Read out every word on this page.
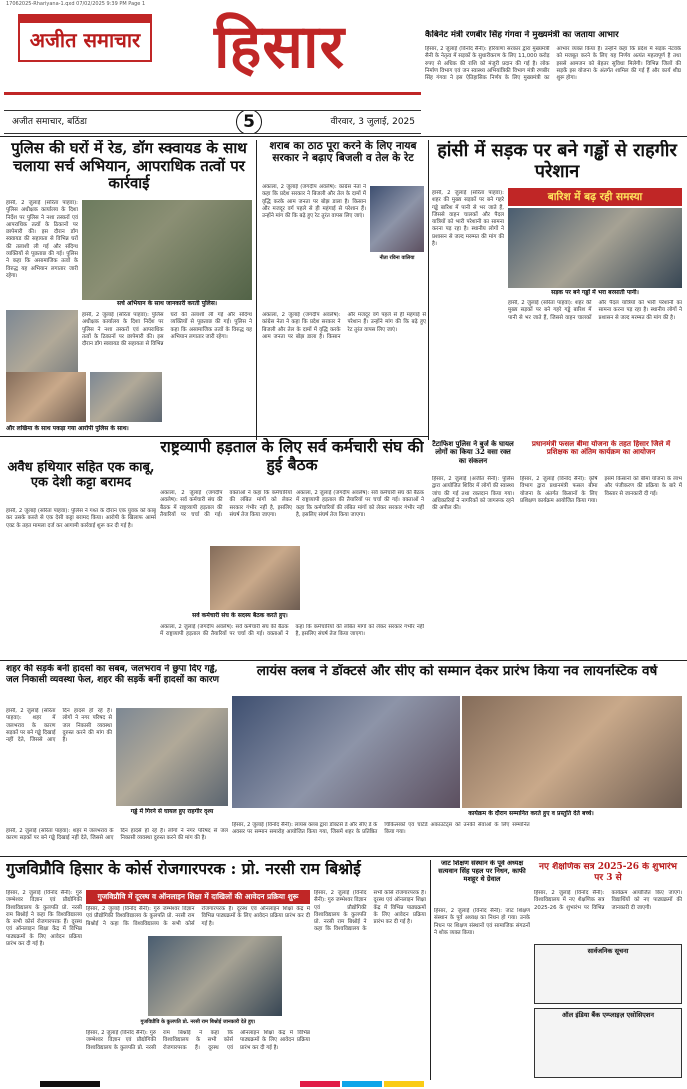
17062025-Rhariyana-1.qxd 07/02/2025 9:39 PM Page 1
अजीत समाचार हिसार
अजीत समाचार, बठिंडा	5	वीरवार, 3 जुलाई, 2025
कैबिनेट मंत्री रणबीर सिंह गंगवा ने मुख्यमंत्री का जताया आभार
हिसार, 2 जुलाई (विनोद सैनी): हरियाणा सरकार द्वारा मुख्यमंत्री सैनी के नेतृत्व में सड़कों के सुधारीकरण के लिए 11,000 करोड़ रुपए से अधिक की राशि को मंजूरी प्रदान की गई है। लोक निर्माण विभाग एवं जन स्वास्थ्य अभियांत्रिकी विभाग मंत्री रणबीर सिंह गंगवा ने इस ऐतिहासिक निर्णय के लिए मुख्यमंत्री का आभार व्यक्त किया है। उन्होंने कहा कि प्रदेश में सड़क नेटवर्क को मजबूत करने के लिए यह निर्णय अत्यंत महत्वपूर्ण है तथा इससे आमजन को बेहतर सुविधा मिलेगी। विभिन्न जिलों की सड़कें इस योजना के अंतर्गत शामिल की गई हैं और कार्य शीघ्र शुरू होगा।
पुलिस की घरों में रेड, डॉग स्क्वायड के साथ चलाया सर्च अभियान, आपराधिक तत्वों पर कार्रवाई
हांसी, 2 जुलाई (सरिता पाहवा): पुलिस अधीक्षक कार्यालय के दिशा निर्देश पर पुलिस ने नशा तस्करों एवं आपराधिक तत्वों के ठिकानों पर छापेमारी की। इस दौरान डॉग स्क्वायड की सहायता से विभिन्न घरों की तलाशी ली गई और संदिग्ध व्यक्तियों से पूछताछ की गई। पुलिस ने कहा कि असामाजिक तत्वों के विरुद्ध यह अभियान लगातार जारी रहेगा।
सर्च अभियान के साथ जानकारी करती पुलिस।
हांसी, 2 जुलाई (सरिता पाहवा): पुलिस अधीक्षक कार्यालय के दिशा निर्देश पर पुलिस ने नशा तस्करों एवं आपराधिक तत्वों के ठिकानों पर छापेमारी की। इस दौरान डॉग स्क्वायड की सहायता से विभिन्न घरों की तलाशी ली गई और संदिग्ध व्यक्तियों से पूछताछ की गई। पुलिस ने कहा कि असामाजिक तत्वों के विरुद्ध यह अभियान लगातार जारी रहेगा।
और लखिमा के साथ पकड़ा गया आरोपी पुलिस के साथ।
शराब का ठाठ पूरा करने के लिए नायब सरकार ने बढ़ाए बिजली व तेल के रेट
अकाला, 2 जुलाई (जगदीप अवलेष): कांग्रेस नेता ने कहा कि प्रदेश सरकार ने बिजली और तेल के दामों में वृद्धि करके आम जनता पर बोझ डाला है। किसान और मजदूर वर्ग पहले से ही महंगाई से परेशान हैं। उन्होंने मांग की कि बढ़े हुए रेट तुरंत वापस लिए जाएं।
नीता रविना वालिया
अकाला, 2 जुलाई (जगदीप अवलेष): कांग्रेस नेता ने कहा कि प्रदेश सरकार ने बिजली और तेल के दामों में वृद्धि करके आम जनता पर बोझ डाला है। किसान और मजदूर वर्ग पहले से ही महंगाई से परेशान हैं। उन्होंने मांग की कि बढ़े हुए रेट तुरंत वापस लिए जाएं।
हांसी में सड़क पर बने गड्ढों से राहगीर परेशान
बारिश में बढ़ रही समस्या
हांसी, 2 जुलाई (सरिता पाहवा): शहर की मुख्य सड़कों पर बने गहरे गड्ढे बारिश में पानी से भर जाते हैं, जिससे वाहन चालकों और पैदल यात्रियों को भारी परेशानी का सामना करना पड़ रहा है। स्थानीय लोगों ने प्रशासन से जल्द मरम्मत की मांग की है।
सड़क पर बने गड्ढों में भरा बरसाती पानी।
हांसी, 2 जुलाई (सरिता पाहवा): शहर की मुख्य सड़कों पर बने गहरे गड्ढे बारिश में पानी से भर जाते हैं, जिससे वाहन चालकों और पैदल यात्रियों को भारी परेशानी का सामना करना पड़ रहा है। स्थानीय लोगों ने प्रशासन से जल्द मरम्मत की मांग की है।
राष्ट्रव्यापी हड़ताल के लिए सर्व कर्मचारी संघ की हुई बैठक
अकाला, 2 जुलाई (जगदीप अवलेष): सर्व कर्मचारी संघ की बैठक में राष्ट्रव्यापी हड़ताल की तैयारियों पर चर्चा की गई। वक्ताओं ने कहा कि कर्मचारियों की लंबित मांगों को लेकर सरकार गंभीर नहीं है, इसलिए संघर्ष तेज किया जाएगा।
अकाला, 2 जुलाई (जगदीप अवलेष): सर्व कर्मचारी संघ की बैठक में राष्ट्रव्यापी हड़ताल की तैयारियों पर चर्चा की गई। वक्ताओं ने कहा कि कर्मचारियों की लंबित मांगों को लेकर सरकार गंभीर नहीं है, इसलिए संघर्ष तेज किया जाएगा।
सर्व कर्मचारी संघ के सदस्य बैठक करते हुए।
अकाला, 2 जुलाई (जगदीप अवलेष): सर्व कर्मचारी संघ की बैठक में राष्ट्रव्यापी हड़ताल की तैयारियों पर चर्चा की गई। वक्ताओं ने कहा कि कर्मचारियों की लंबित मांगों को लेकर सरकार गंभीर नहीं है, इसलिए संघर्ष तेज किया जाएगा।
अवैध हथियार सहित एक काबू, एक देशी कट्टा बरामद
हांसी, 2 जुलाई (सरिता पाहवा): पुलिस ने गश्त के दौरान एक युवक को काबू कर उसके कब्जे से एक देसी कट्टा बरामद किया। आरोपी के खिलाफ आर्म्स एक्ट के तहत मामला दर्ज कर आगामी कार्रवाई शुरू कर दी गई है।
टैटाफिश पुलिस ने बुर्ज के घायल लोगों का किया 32 वसा रक्त का संकलन
हिसार, 2 जुलाई (अजीत सैनी): पुलिस द्वारा आयोजित शिविर में लोगों की स्वास्थ्य जांच की गई तथा रक्तदान किया गया। अधिकारियों ने नागरिकों को जागरूक रहने की अपील की।
प्रधानमंत्री फसल बीमा योजना के तहत हिसार जिले में प्रशिक्षक का अंतिम कार्यक्रम का आयोजन
हिसार, 2 जुलाई (विनोद सैनी): कृषि विभाग द्वारा प्रधानमंत्री फसल बीमा योजना के अंतर्गत किसानों के लिए प्रशिक्षण कार्यक्रम आयोजित किया गया। इसमें किसानों को बीमा योजना के लाभ और पंजीकरण की प्रक्रिया के बारे में विस्तार से जानकारी दी गई।
शहर की सड़कें बनी हादसों का सबब, जलभराव ने छुपा दिए गड्ढे, जल निकासी व्यवस्था फेल, शहर की सड़कें बनीं हादसों का कारण
हांसी, 2 जुलाई (सरिता पाहवा): शहर में जलभराव के कारण सड़कों पर बने गड्ढे दिखाई नहीं देते, जिससे आए दिन हादसे हो रहे हैं। लोगों ने नगर परिषद से जल निकासी व्यवस्था दुरुस्त करने की मांग की है।
गड्ढे में गिरने से घायल हुए राहगीर दृश्य
हांसी, 2 जुलाई (सरिता पाहवा): शहर में जलभराव के कारण सड़कों पर बने गड्ढे दिखाई नहीं देते, जिससे आए दिन हादसे हो रहे हैं। लोगों ने नगर परिषद से जल निकासी व्यवस्था दुरुस्त करने की मांग की है।
लायंस क्लब ने डॉक्टर्स और सीए को सम्मान देकर प्रारंभ किया नव लायनस्टिक वर्ष
कार्यक्रम के दौरान सम्मानित करते हुए व प्रस्तुति देते बच्चे।
हिसार, 2 जुलाई (विनोद सैनी): लायंस क्लब द्वारा डॉक्टर्स डे और सीए डे के अवसर पर सम्मान समारोह आयोजित किया गया, जिसमें शहर के प्रतिष्ठित चिकित्सकों एवं चार्टर्ड अकाउंटेंट्स को उनकी सेवाओं के लिए सम्मानित किया गया।
गुजविप्रौवि हिसार के कोर्स रोजगारपरक : प्रो. नरसी राम बिश्नोई
हिसार, 2 जुलाई (विनोद सैनी): गुरु जम्भेश्वर विज्ञान एवं प्रौद्योगिकी विश्वविद्यालय के कुलपति प्रो. नरसी राम बिश्नोई ने कहा कि विश्वविद्यालय के सभी कोर्स रोजगारपरक हैं। दूरस्थ एवं ऑनलाइन शिक्षा केंद्र में विभिन्न पाठ्यक्रमों के लिए आवेदन प्रक्रिया प्रारंभ कर दी गई है।
गुजविप्रौवि में दूरस्थ व ऑनलाइन शिक्षा में दाखिलों की आवेदन प्रक्रिया शुरू
हिसार, 2 जुलाई (विनोद सैनी): गुरु जम्भेश्वर विज्ञान एवं प्रौद्योगिकी विश्वविद्यालय के कुलपति प्रो. नरसी राम बिश्नोई ने कहा कि विश्वविद्यालय के सभी कोर्स रोजगारपरक हैं। दूरस्थ एवं ऑनलाइन शिक्षा केंद्र में विभिन्न पाठ्यक्रमों के लिए आवेदन प्रक्रिया प्रारंभ कर दी गई है।
गुजविप्रौवि के कुलपति प्रो. नरसी राम बिश्नोई जानकारी देते हुए।
हिसार, 2 जुलाई (विनोद सैनी): गुरु जम्भेश्वर विज्ञान एवं प्रौद्योगिकी विश्वविद्यालय के कुलपति प्रो. नरसी राम बिश्नोई ने कहा कि विश्वविद्यालय के सभी कोर्स रोजगारपरक हैं। दूरस्थ एवं ऑनलाइन शिक्षा केंद्र में विभिन्न पाठ्यक्रमों के लिए आवेदन प्रक्रिया प्रारंभ कर दी गई है।
हिसार, 2 जुलाई (विनोद सैनी): गुरु जम्भेश्वर विज्ञान एवं प्रौद्योगिकी विश्वविद्यालय के कुलपति प्रो. नरसी राम बिश्नोई ने कहा कि विश्वविद्यालय के सभी कोर्स रोजगारपरक हैं। दूरस्थ एवं ऑनलाइन शिक्षा केंद्र में विभिन्न पाठ्यक्रमों के लिए आवेदन प्रक्रिया प्रारंभ कर दी गई है।
जाट शिक्षण संस्थान के पूर्व अध्यक्ष सत्यवान सिंह पहल पर निधन, काफी मशहूर थे ग्रेवाल
हिसार, 2 जुलाई (विनोद सैनी): जाट शिक्षण संस्थान के पूर्व अध्यक्ष का निधन हो गया। उनके निधन पर शिक्षण संस्थानों एवं सामाजिक संगठनों ने शोक व्यक्त किया।
नए शैक्षणिक सत्र 2025-26 के शुभारंभ पर 3 से
हिसार, 2 जुलाई (विनोद सैनी): विश्वविद्यालय में नए शैक्षणिक सत्र 2025-26 के शुभारंभ पर विभिन्न कार्यक्रम आयोजित किए जाएंगे। विद्यार्थियों को नए पाठ्यक्रमों की जानकारी दी जाएगी।
सार्वजनिक सूचना
ऑल इंडिया बैंक एम्प्लाइज़ एसोसिएशन
